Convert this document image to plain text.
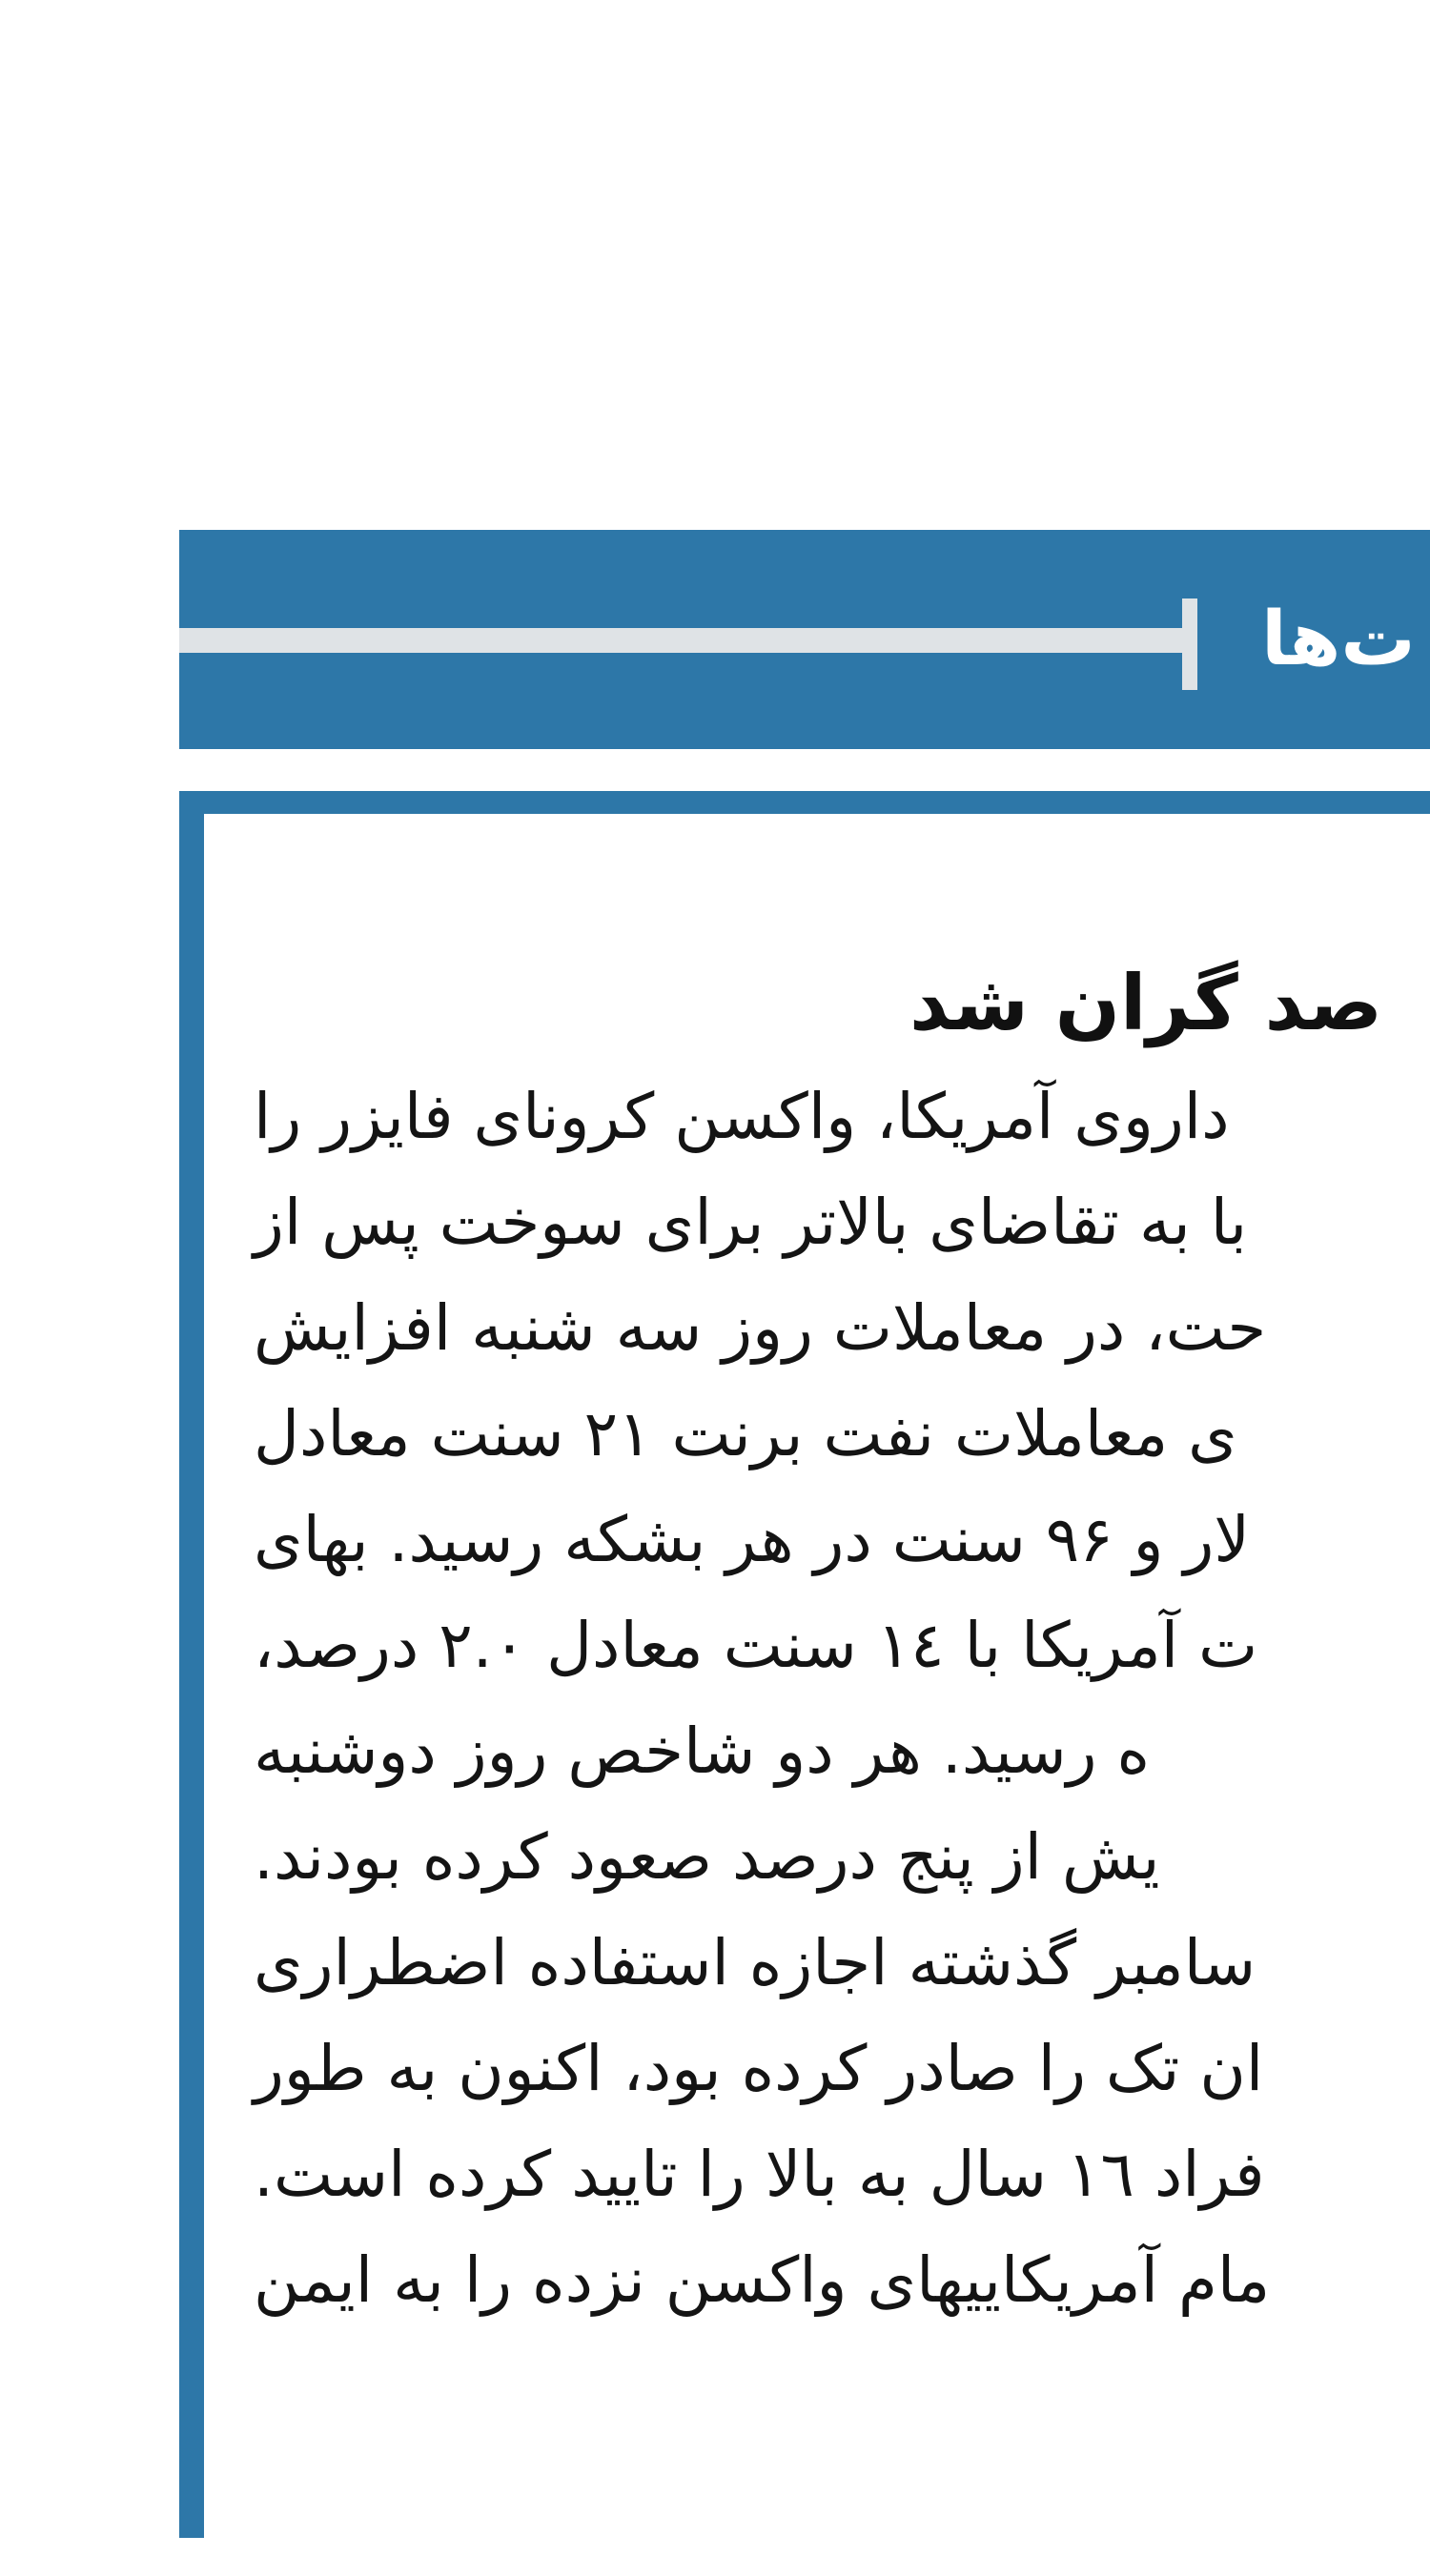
ت‌ها
صد گران شد
داروی آمریکا، واکسن کرونای فایزر را
با به تقاضای بالاتر برای سوخت پس از
حت، در معاملات روز سه شنبه افزایش
ی معاملات نفت برنت ۲۱ سنت معادل
لار و ۹۶ سنت در هر بشکه رسید. بهای
ت آمریکا با ۱٤ سنت معادل ۲.۰ درصد،
ه رسید. هر دو شاخص روز دوشنبه
یش از پنج درصد صعود کرده بودند.
سامبر گذشته اجازه استفاده اضطراری
ان تک را صادر کرده بود، اکنون به طور
فراد ۱٦ سال به بالا را تایید کرده است.
مام آمریکاییهای واکسن نزده را به ایمن
